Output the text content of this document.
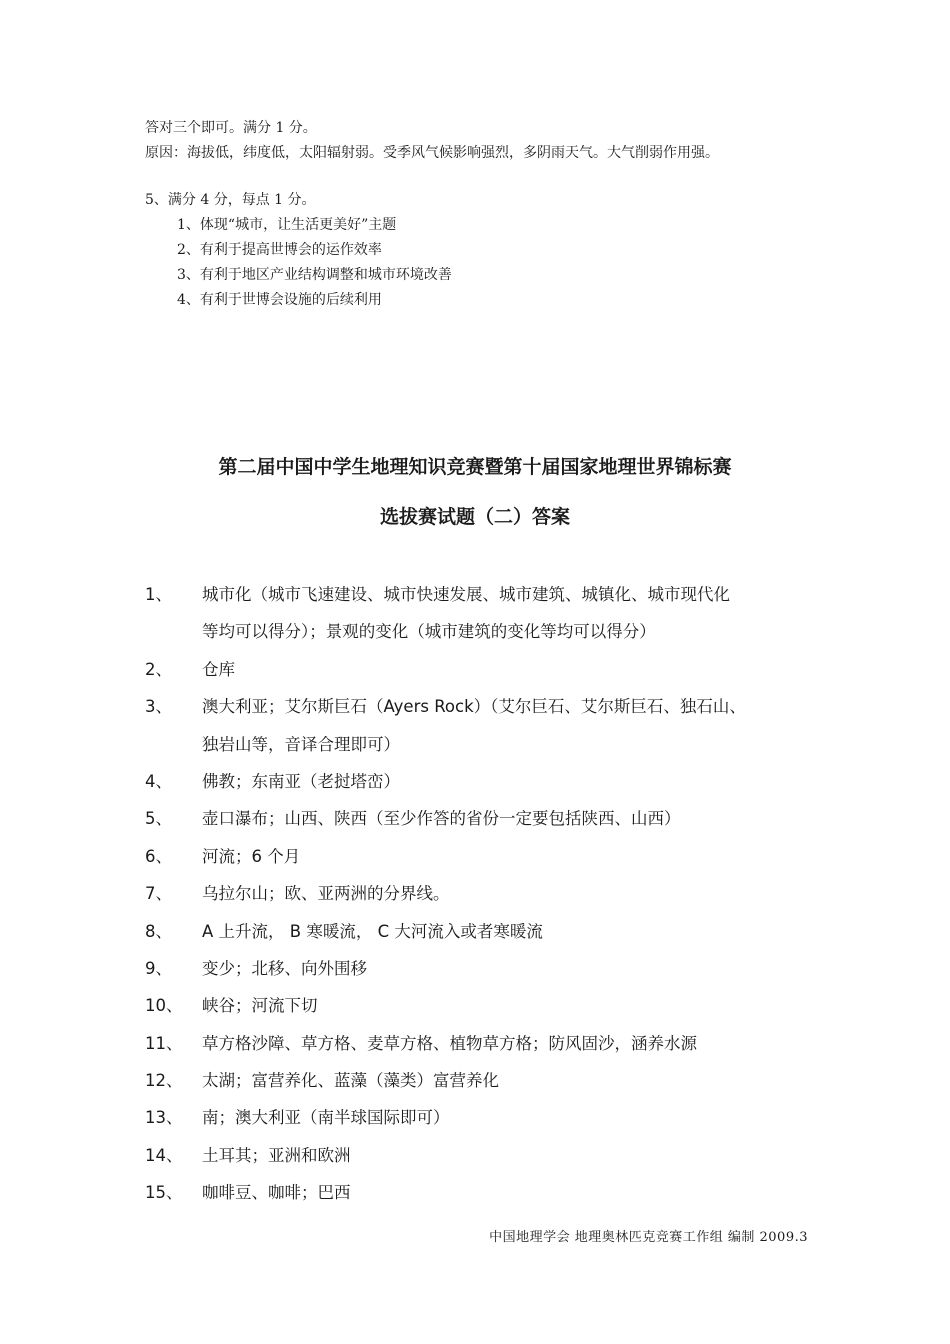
答对三个即可。满分 1 分。
原因：海拔低，纬度低，太阳辐射弱。受季风气候影响强烈，多阴雨天气。大气削弱作用强。
5、满分 4 分，每点 1 分。
1、体现“城市，让生活更美好”主题
2、有利于提高世博会的运作效率
3、有利于地区产业结构调整和城市环境改善
4、有利于世博会设施的后续利用
第二届中国中学生地理知识竞赛暨第十届国家地理世界锦标赛
选拔赛试题（二）答案
1、	城市化（城市飞速建设、城市快速发展、城市建筑、城镇化、城市现代化
等均可以得分）；景观的变化（城市建筑的变化等均可以得分）
2、	仓库
3、	澳大利亚；艾尔斯巨石（Ayers Rock）（艾尔巨石、艾尔斯巨石、独石山、
独岩山等，音译合理即可）
4、	佛教；东南亚（老挝塔峦）
5、	壶口瀑布；山西、陕西（至少作答的省份一定要包括陕西、山西）
6、	河流；6 个月
7、	乌拉尔山；欧、亚两洲的分界线。
8、	A 上升流， B 寒暖流， C 大河流入或者寒暖流
9、	变少；北移、向外围移
10、	峡谷；河流下切
11、	草方格沙障、草方格、麦草方格、植物草方格；防风固沙，涵养水源
12、	太湖；富营养化、蓝藻（藻类）富营养化
13、	南；澳大利亚（南半球国际即可）
14、	土耳其；亚洲和欧洲
15、	咖啡豆、咖啡；巴西
中国地理学会 地理奥林匹克竞赛工作组 编制 2009.3
